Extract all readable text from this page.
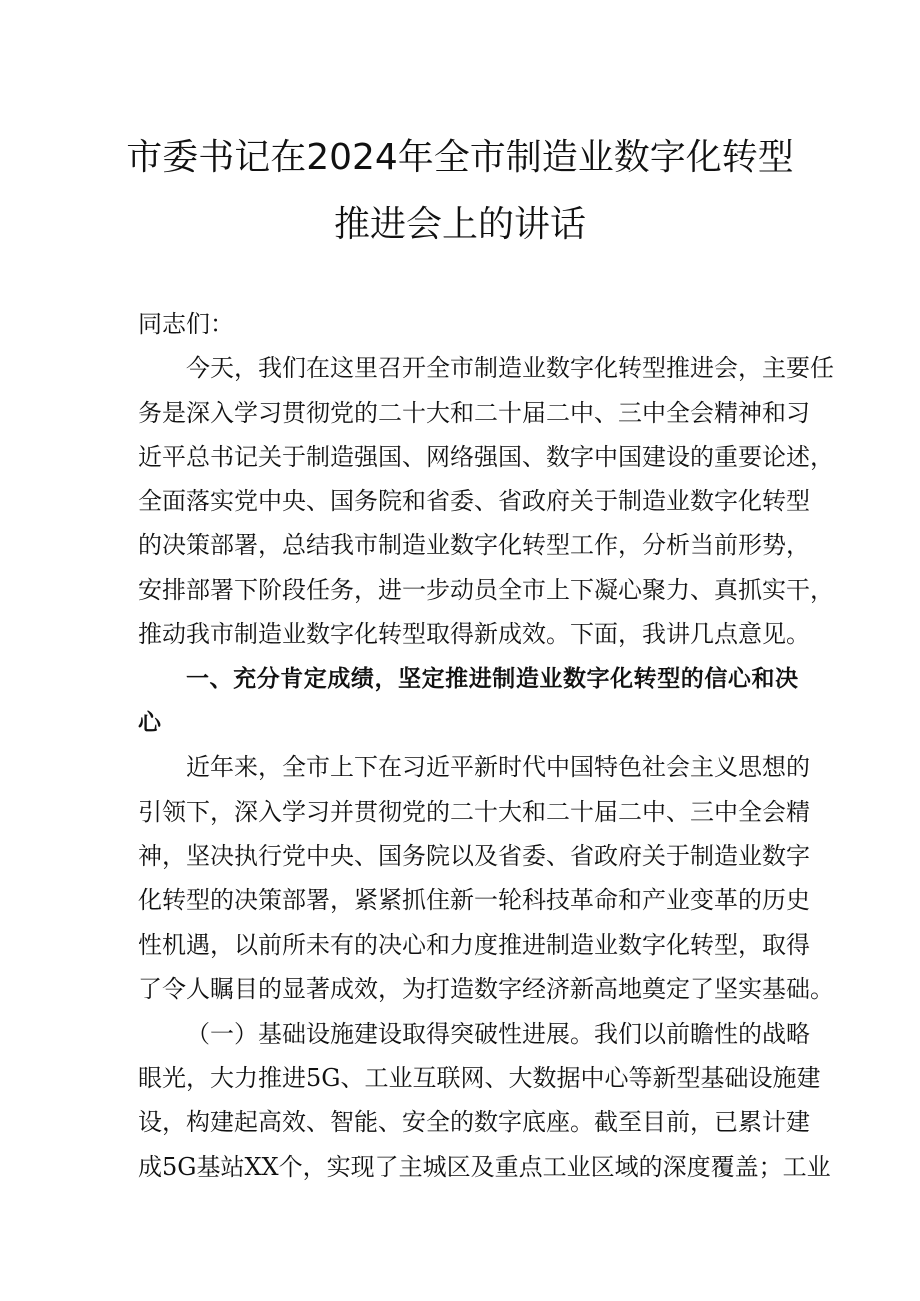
市委书记在2024年全市制造业数字化转型
推进会上的讲话
同志们：
今天，我们在这里召开全市制造业数字化转型推进会，主要任
务是深入学习贯彻党的二十大和二十届二中、三中全会精神和习
近平总书记关于制造强国、网络强国、数字中国建设的重要论述，
全面落实党中央、国务院和省委、省政府关于制造业数字化转型
的决策部署，总结我市制造业数字化转型工作，分析当前形势，
安排部署下阶段任务，进一步动员全市上下凝心聚力、真抓实干，
推动我市制造业数字化转型取得新成效。下面，我讲几点意见。
一、充分肯定成绩，坚定推进制造业数字化转型的信心和决
心
近年来，全市上下在习近平新时代中国特色社会主义思想的
引领下，深入学习并贯彻党的二十大和二十届二中、三中全会精
神，坚决执行党中央、国务院以及省委、省政府关于制造业数字
化转型的决策部署，紧紧抓住新一轮科技革命和产业变革的历史
性机遇，以前所未有的决心和力度推进制造业数字化转型，取得
了令人瞩目的显著成效，为打造数字经济新高地奠定了坚实基础。
（一）基础设施建设取得突破性进展。我们以前瞻性的战略
眼光，大力推进5G、工业互联网、大数据中心等新型基础设施建
设，构建起高效、智能、安全的数字底座。截至目前，已累计建
成5G基站XX个，实现了主城区及重点工业区域的深度覆盖；工业
